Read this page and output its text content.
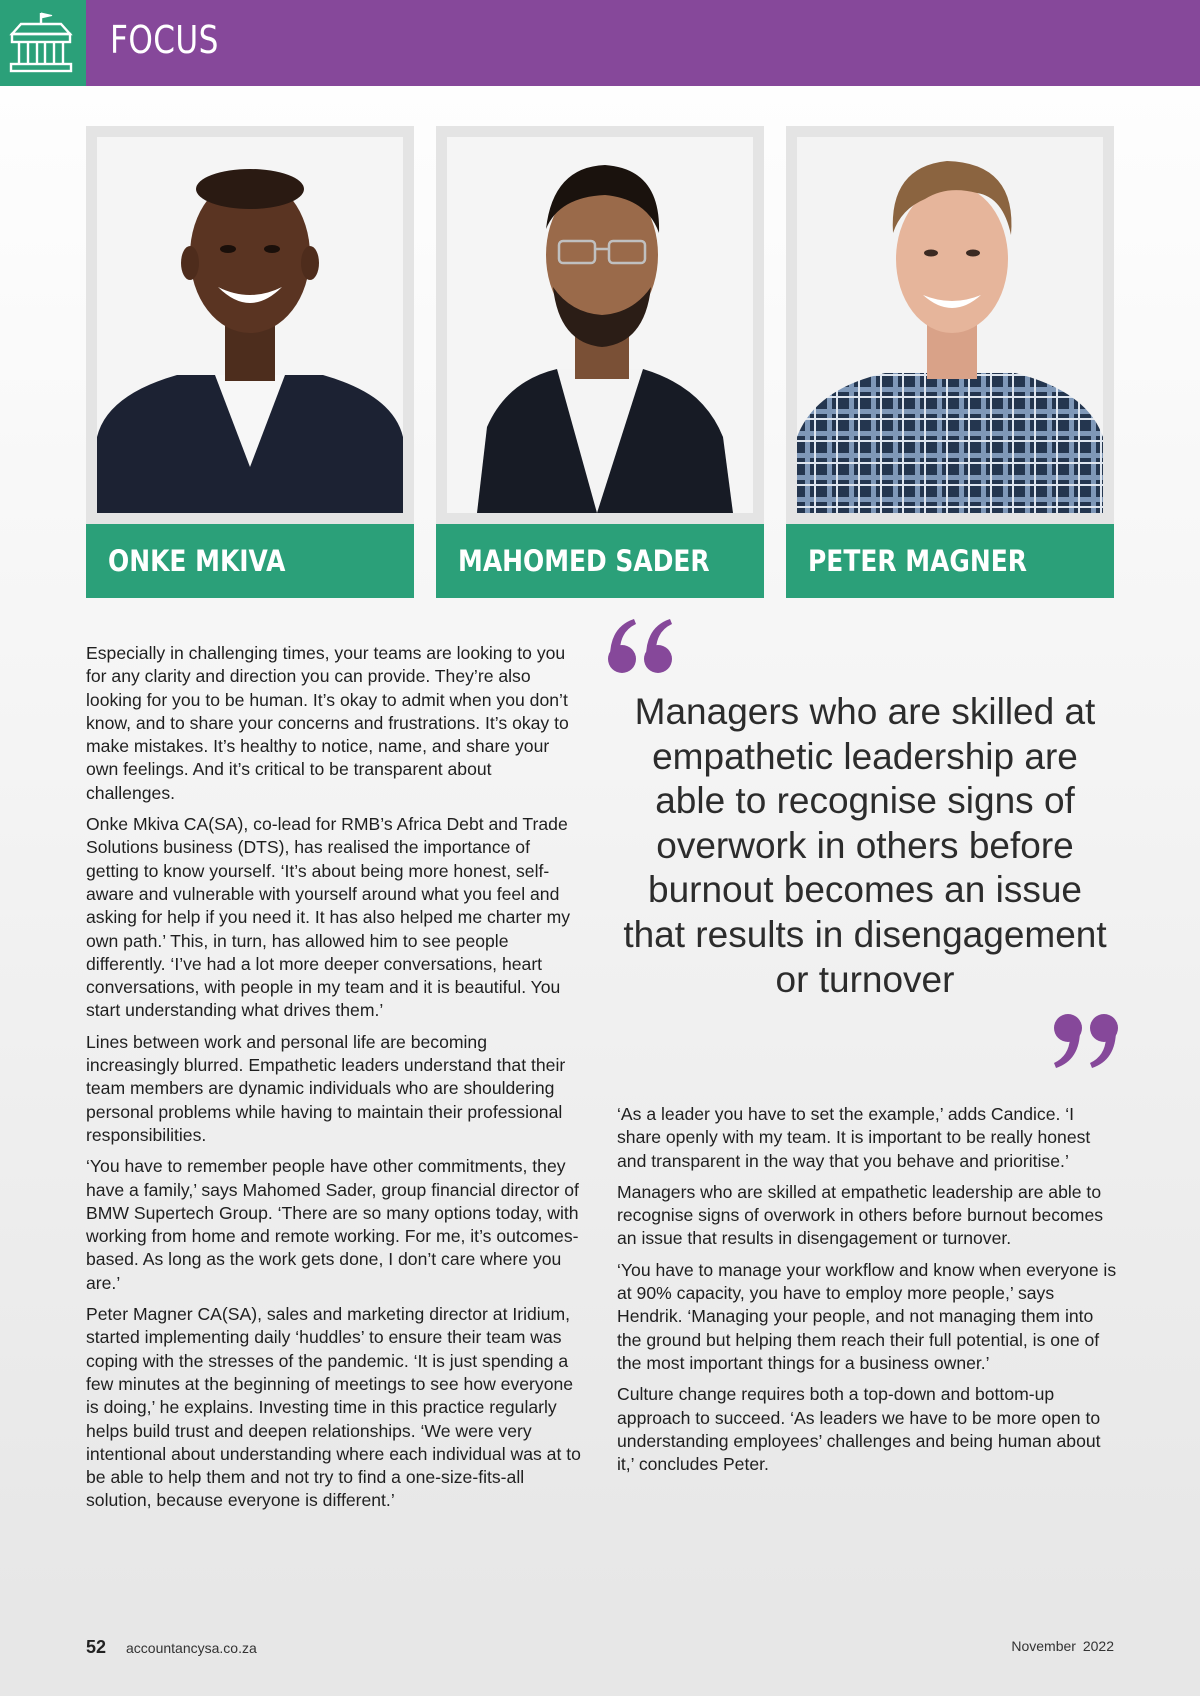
FOCUS
ONKE MKIVA	MAHOMED SADER	PETER MAGNER

Especially in challenging times, your teams are looking to you for any clarity and direction you can provide. They’re also looking for you to be human. It’s okay to admit when you don’t know, and to share your concerns and frustrations. It’s okay to make mistakes. It’s healthy to notice, name, and share your own feelings. And it’s critical to be transparent about challenges.

Onke Mkiva CA(SA), co-lead for RMB’s Africa Debt and Trade Solutions business (DTS), has realised the importance of getting to know yourself. ‘It’s about being more honest, self-aware and vulnerable with yourself around what you feel and asking for help if you need it. It has also helped me charter my own path.’ This, in turn, has allowed him to see people differently. ‘I’ve had a lot more deeper conversations, heart conversations, with people in my team and it is beautiful. You start understanding what drives them.’

Lines between work and personal life are becoming increasingly blurred. Empathetic leaders understand that their team members are dynamic individuals who are shouldering personal problems while having to maintain their professional responsibilities.

‘You have to remember people have other commitments, they have a family,’ says Mahomed Sader, group financial director of BMW Supertech Group. ‘There are so many options today, with working from home and remote working. For me, it’s outcomes-based. As long as the work gets done, I don’t care where you are.’

Peter Magner CA(SA), sales and marketing director at Iridium, started implementing daily ‘huddles’ to ensure their team was coping with the stresses of the pandemic. ‘It is just spending a few minutes at the beginning of meetings to see how everyone is doing,’ he explains. Investing time in this practice regularly helps build trust and deepen relationships. ‘We were very intentional about understanding where each individual was at to be able to help them and not try to find a one-size-fits-all solution, because everyone is different.’

Managers who are skilled at empathetic leadership are able to recognise signs of overwork in others before burnout becomes an issue that results in disengagement or turnover

‘As a leader you have to set the example,’ adds Candice. ‘I share openly with my team. It is important to be really honest and transparent in the way that you behave and prioritise.’

Managers who are skilled at empathetic leadership are able to recognise signs of overwork in others before burnout becomes an issue that results in disengagement or turnover.

‘You have to manage your workflow and know when everyone is at 90% capacity, you have to employ more people,’ says Hendrik. ‘Managing your people, and not managing them into the ground but helping them reach their full potential, is one of the most important things for a business owner.’

Culture change requires both a top-down and bottom-up approach to succeed. ‘As leaders we have to be more open to understanding employees’ challenges and being human about it,’ concludes Peter.

52 accountancysa.co.za	November 2022
